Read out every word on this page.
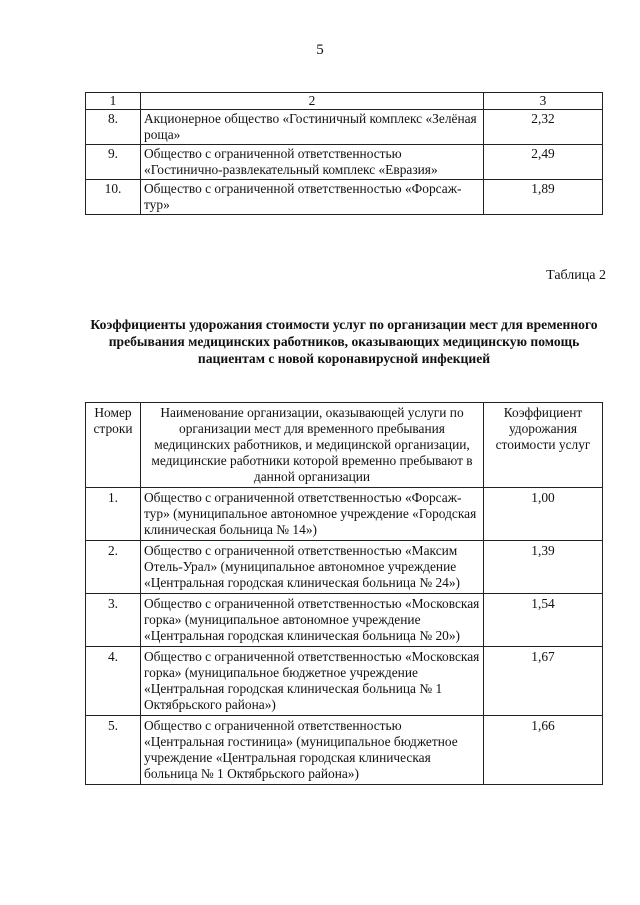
5
1	2	3
8.	Акционерное общество «Гостиничный комплекс «Зелёная роща»	2,32
9.	Общество с ограниченной ответственностью «Гостинично-развлекательный комплекс «Евразия»	2,49
10.	Общество с ограниченной ответственностью «Форсаж-тур»	1,89
Таблица 2
Коэффициенты удорожания стоимости услуг по организации мест для временного пребывания медицинских работников, оказывающих медицинскую помощь пациентам с новой коронавирусной инфекцией
Номер строки	Наименование организации, оказывающей услуги по организации мест для временного пребывания медицинских работников, и медицинской организации, медицинские работники которой временно пребывают в данной организации	Коэффициент удорожания стоимости услуг
1.	Общество с ограниченной ответственностью «Форсаж-тур» (муниципальное автономное учреждение «Городская клиническая больница № 14»)	1,00
2.	Общество с ограниченной ответственностью «Максим Отель-Урал» (муниципальное автономное учреждение «Центральная городская клиническая больница № 24»)	1,39
3.	Общество с ограниченной ответственностью «Московская горка» (муниципальное автономное учреждение «Центральная городская клиническая больница № 20»)	1,54
4.	Общество с ограниченной ответственностью «Московская горка» (муниципальное бюджетное учреждение «Центральная городская клиническая больница № 1 Октябрьского района»)	1,67
5.	Общество с ограниченной ответственностью «Центральная гостиница» (муниципальное бюджетное учреждение «Центральная городская клиническая больница № 1 Октябрьского района»)	1,66
